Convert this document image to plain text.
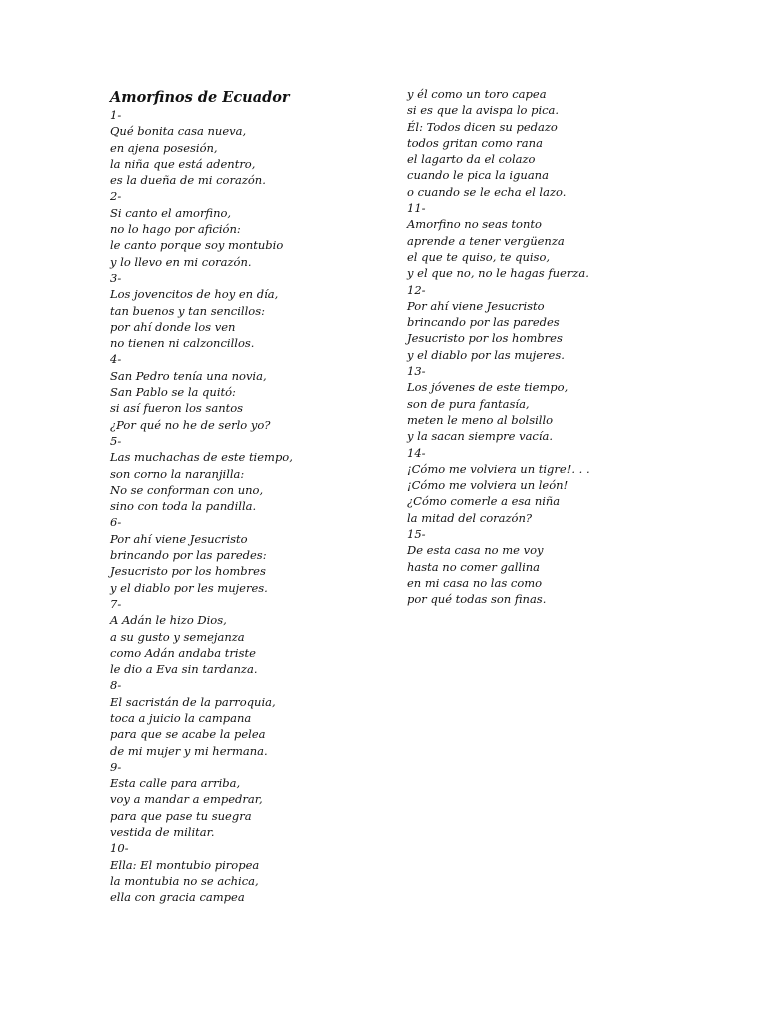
Amorfinos de Ecuador
1-
Qué bonita casa nueva,
en ajena posesión,
la niña que está adentro,
es la dueña de mi corazón.
2-
Si canto el amorfino,
no lo hago por afición:
le canto porque soy montubio
y lo llevo en mi corazón.
3-
Los jovencitos de hoy en día,
tan buenos y tan sencillos:
por ahí donde los ven
no tienen ni calzoncillos.
4-
San Pedro tenía una novia,
San Pablo se la quitó:
si así fueron los santos
¿Por qué no he de serlo yo?
5-
Las muchachas de este tiempo,
son corno la naranjilla:
No se conforman con uno,
sino con toda la pandilla.
6-
Por ahí viene Jesucristo
brincando por las paredes:
Jesucristo por los hombres
y el diablo por les mujeres.
7-
A Adán le hizo Dios,
a su gusto y semejanza
como Adán andaba triste
le dio a Eva sin tardanza.
8-
El sacristán de la parroquia,
toca a juicio la campana
para que se acabe la pelea
de mi mujer y mi hermana.
9-
Esta calle para arriba,
voy a mandar a empedrar,
para que pase tu suegra
vestida de militar.
10-
Ella: El montubio piropea
la montubia no se achica,
ella con gracia campea
y él como un toro capea
si es que la avispa lo pica.
Él: Todos dicen su pedazo
todos gritan como rana
el lagarto da el colazo
cuando le pica la iguana
o cuando se le echa el lazo.
11-
Amorfino no seas tonto
aprende a tener vergüenza
el que te quiso, te quiso,
y el que no, no le hagas fuerza.
12-
Por ahí viene Jesucristo
brincando por las paredes
Jesucristo por los hombres
y el diablo por las mujeres.
13-
Los jóvenes de este tiempo,
son de pura fantasía,
meten le meno al bolsillo
y la sacan siempre vacía.
14-
¡Cómo me volviera un tigre!. . .
¡Cómo me volviera un león!
¿Cómo comerle a esa niña
la mitad del corazón?
15-
De esta casa no me voy
hasta no comer gallina
en mi casa no las como
por qué todas son finas.
